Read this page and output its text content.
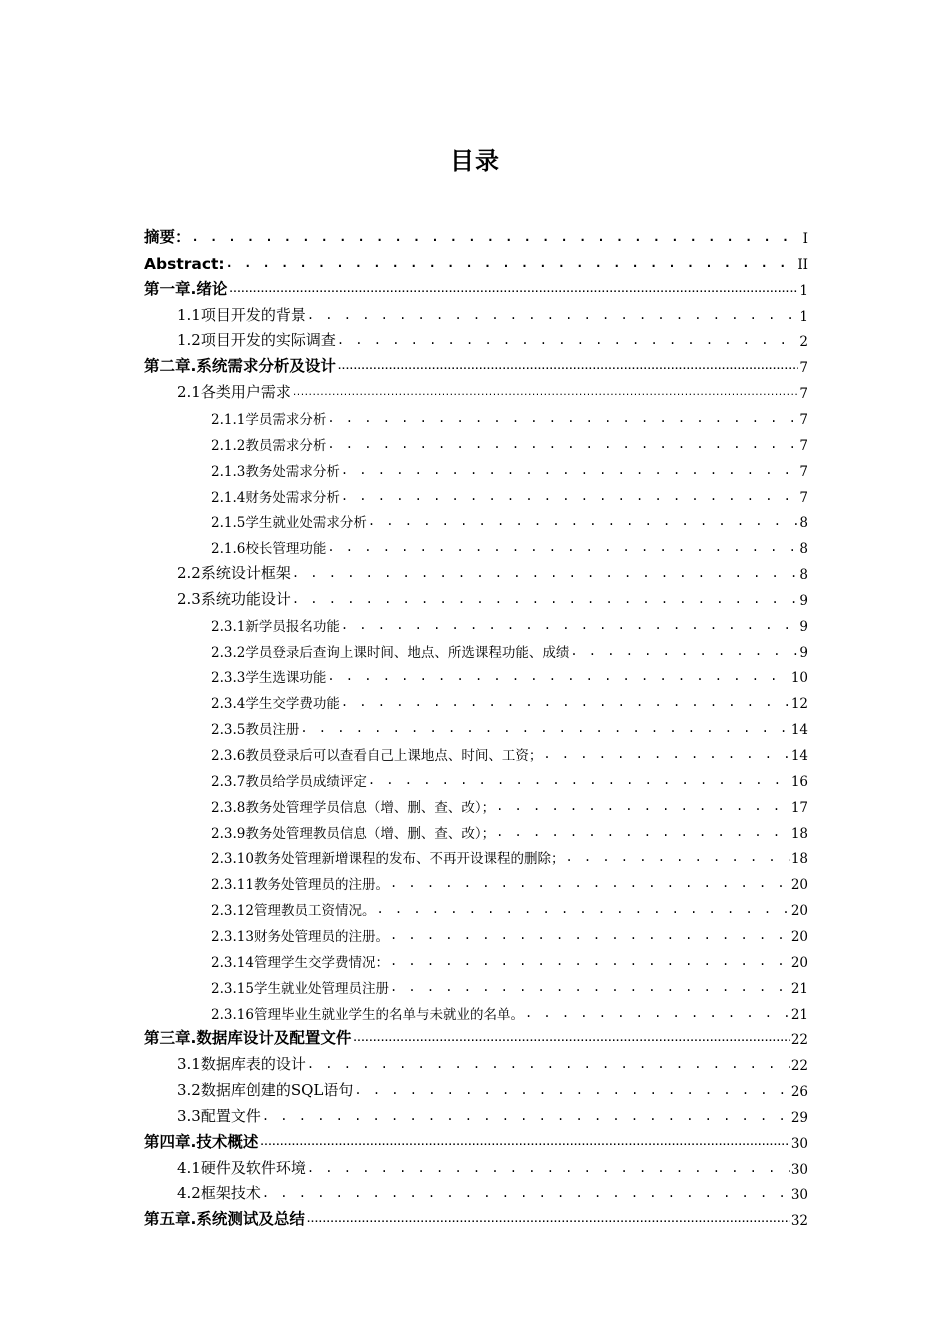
目录
摘要： . . .	I
Abstract: . . .	II
第一章.绪论 .....	1
1.1项目开发的背景 . . .	1
1.2项目开发的实际调查 . . .	2
第二章.系统需求分析及设计 .....	7
2.1各类用户需求 .....	7
2.1.1学员需求分析 . . .	7
2.1.2教员需求分析 . . .	7
2.1.3教务处需求分析 . . .	7
2.1.4财务处需求分析 . . .	7
2.1.5学生就业处需求分析 . . .	8
2.1.6校长管理功能 . . .	8
2.2系统设计框架 . . .	8
2.3系统功能设计 . . .	9
2.3.1新学员报名功能 . . .	9
2.3.2学员登录后查询上课时间、地点、所选课程功能、成绩 . . .	9
2.3.3学生选课功能 . . .	10
2.3.4学生交学费功能 . . .	12
2.3.5教员注册 . . .	14
2.3.6教员登录后可以查看自己上课地点、时间、工资； . . .	14
2.3.7教员给学员成绩评定 . . .	16
2.3.8教务处管理学员信息（增、删、查、改）； . . .	17
2.3.9教务处管理教员信息（增、删、查、改）； . . .	18
2.3.10教务处管理新增课程的发布、不再开设课程的删除； . . .	18
2.3.11教务处管理员的注册。 . . .	20
2.3.12管理教员工资情况。 . . .	20
2.3.13财务处管理员的注册。 . . .	20
2.3.14管理学生交学费情况： . . .	20
2.3.15学生就业处管理员注册 . . .	21
2.3.16管理毕业生就业学生的名单与未就业的名单。 . . .	21
第三章.数据库设计及配置文件 .....	22
3.1数据库表的设计 . . .	22
3.2数据库创建的SQL语句 . . .	26
3.3配置文件 . . .	29
第四章.技术概述 .....	30
4.1硬件及软件环境 . . .	30
4.2框架技术 . . .	30
第五章.系统测试及总结 .....	32
